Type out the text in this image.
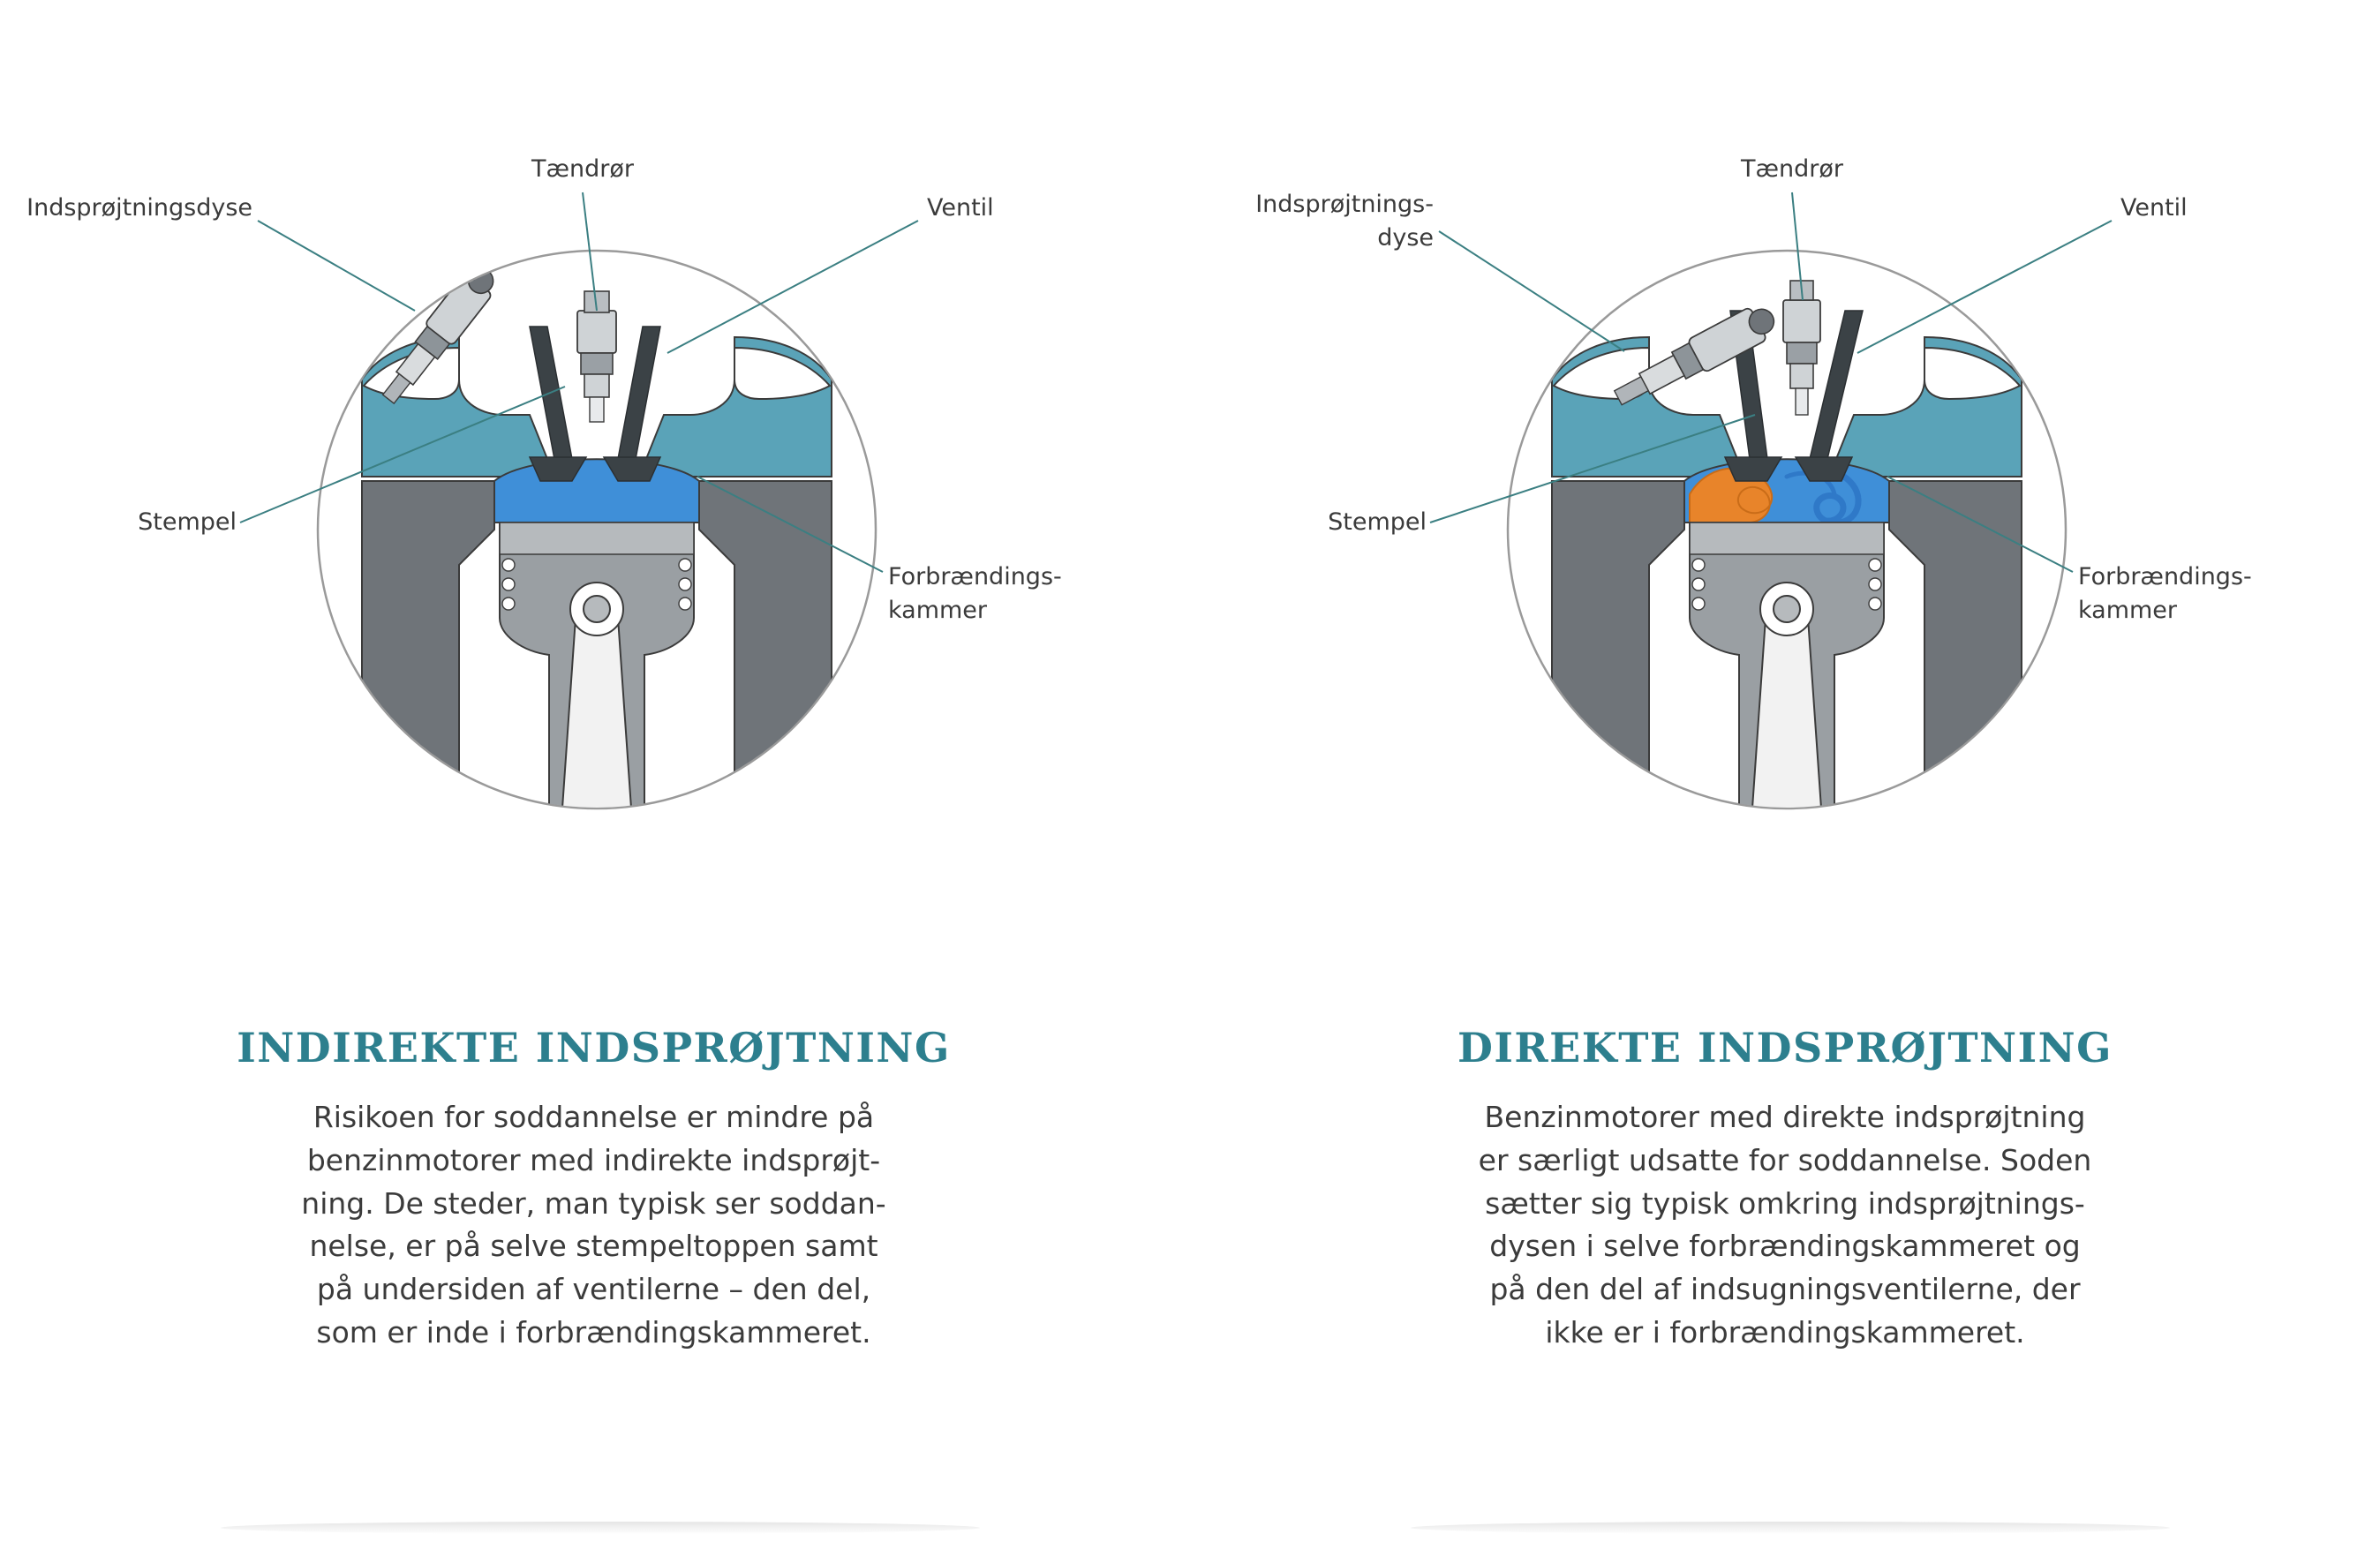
Indsprøjtningsdyse
Tændrør
Ventil
Stempel
Forbrændings-
kammer
INDIREKTE INDSPRØJTNING
Risikoen for soddannelse er mindre på
benzinmotorer med indirekte indsprøjt-
ning. De steder, man typisk ser soddan-
nelse, er på selve stempeltoppen samt
på undersiden af ventilerne – den del,
som er inde i forbrændingskammeret.
Indsprøjtnings-
dyse
Tændrør
Ventil
Stempel
Forbrændings-
kammer
DIREKTE INDSPRØJTNING
Benzinmotorer med direkte indsprøjtning
er særligt udsatte for soddannelse. Soden
sætter sig typisk omkring indsprøjtnings-
dysen i selve forbrændingskammeret og
på den del af indsugningsventilerne, der
ikke er i forbrændingskammeret.
